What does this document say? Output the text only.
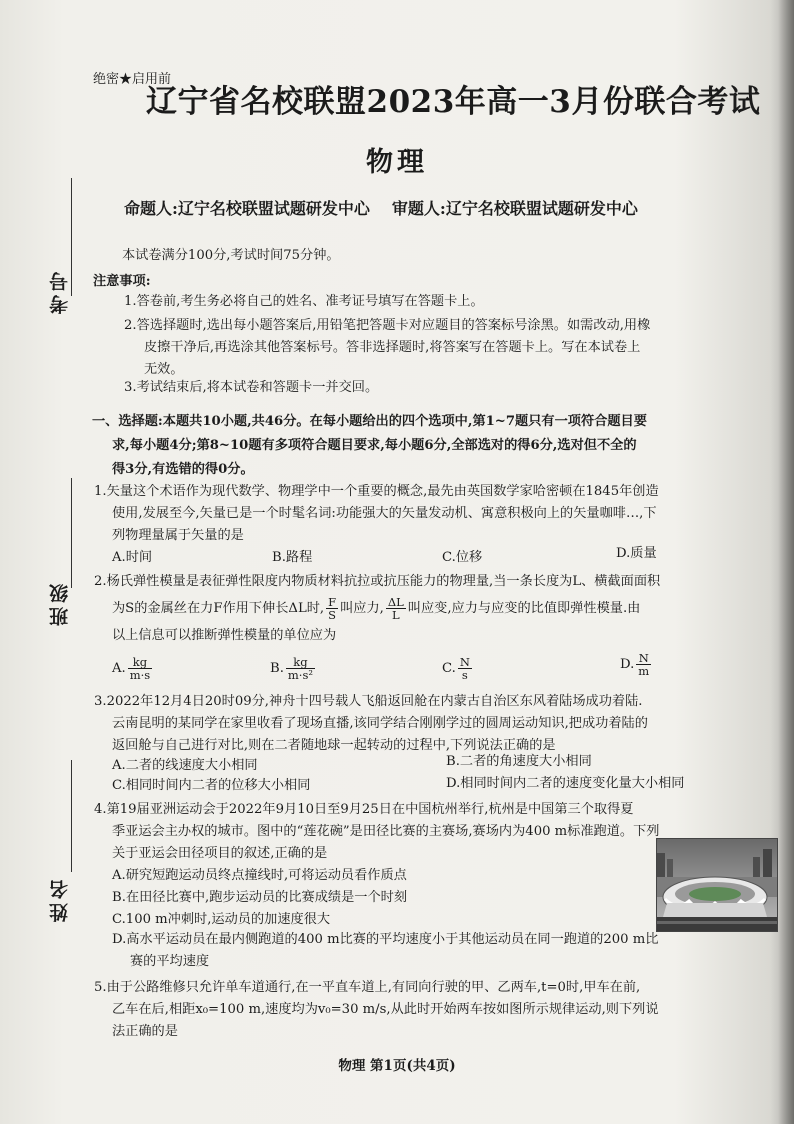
绝密★启用前
辽宁省名校联盟2023年高一3月份联合考试
物理
命题人:辽宁名校联盟试题研发中心 审题人:辽宁名校联盟试题研发中心
考号
班级
姓名
本试卷满分100分,考试时间75分钟。
注意事项:
1.答卷前,考生务必将自己的姓名、准考证号填写在答题卡上。
2.答选择题时,选出每小题答案后,用铅笔把答题卡对应题目的答案标号涂黑。如需改动,用橡
皮擦干净后,再选涂其他答案标号。答非选择题时,将答案写在答题卡上。写在本试卷上
无效。
3.考试结束后,将本试卷和答题卡一并交回。
一、选择题:本题共10小题,共46分。在每小题给出的四个选项中,第1~7题只有一项符合题目要
求,每小题4分;第8~10题有多项符合题目要求,每小题6分,全部选对的得6分,选对但不全的
得3分,有选错的得0分。
1.矢量这个术语作为现代数学、物理学中一个重要的概念,最先由英国数学家哈密顿在1845年创造
使用,发展至今,矢量已是一个时髦名词:功能强大的矢量发动机、寓意积极向上的矢量咖啡…,下
列物理量属于矢量的是
A.时间	B.路程	C.位移	D.质量
2.杨氏弹性模量是表征弹性限度内物质材料抗拉或抗压能力的物理量,当一条长度为L、横截面面积
为S的金属丝在力F作用下伸长ΔL时, $\frac{F}{S}$ 叫应力, $\frac{\Delta L}{L}$ 叫应变,应力与应变的比值即弹性模量.由
以上信息可以推断弹性模量的单位应为
A. $\frac{kg}{m\cdot s}$	B. $\frac{kg}{\text{m·s²}}$	C. $\frac{N}{s}$	D. $\frac{N}{m}$
3.2022年12月4日20时09分,神舟十四号载人飞船返回舱在内蒙古自治区东风着陆场成功着陆.
云南昆明的某同学在家里收看了现场直播,该同学结合刚刚学过的圆周运动知识,把成功着陆的
返回舱与自己进行对比,则在二者随地球一起转动的过程中,下列说法正确的是
A.二者的线速度大小相同	B.二者的角速度大小相同
C.相同时间内二者的位移大小相同	D.相同时间内二者的速度变化量大小相同
4.第19届亚洲运动会于2022年9月10日至9月25日在中国杭州举行,杭州是中国第三个取得夏
季亚运会主办权的城市。图中的“莲花碗”是田径比赛的主赛场,赛场内为400 m标准跑道。下列
关于亚运会田径项目的叙述,正确的是
A.研究短跑运动员终点撞线时,可将运动员看作质点
B.在田径比赛中,跑步运动员的比赛成绩是一个时刻
C.100 m冲刺时,运动员的加速度很大
D.高水平运动员在最内侧跑道的400 m比赛的平均速度小于其他运动员在同一跑道的200 m比
赛的平均速度
5.由于公路维修只允许单车道通行,在一平直车道上,有同向行驶的甲、乙两车,t=0时,甲车在前,
乙车在后,相距x₀=100 m,速度均为v₀=30 m/s,从此时开始两车按如图所示规律运动,则下列说
法正确的是
物理 第1页(共4页)
